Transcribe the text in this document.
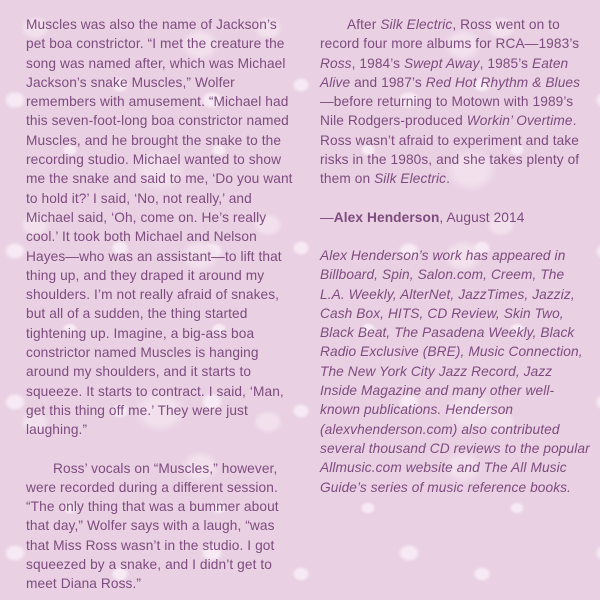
Muscles was also the name of Jackson’s pet boa constrictor. “I met the creature the song was named after, which was Michael Jackson’s snake Muscles,” Wolfer remembers with amusement. “Michael had this seven-foot-long boa constrictor named Muscles, and he brought the snake to the recording studio. Michael wanted to show me the snake and said to me, ‘Do you want to hold it?’ I said, ‘No, not really,’ and Michael said, ‘Oh, come on. He’s really cool.’ It took both Michael and Nelson Hayes—who was an assistant—to lift that thing up, and they draped it around my shoulders. I’m not really afraid of snakes, but all of a sudden, the thing started tightening up. Imagine, a big-ass boa constrictor named Muscles is hanging around my shoulders, and it starts to squeeze. It starts to contract. I said, ‘Man, get this thing off me.’ They were just laughing.”

Ross’ vocals on “Muscles,” however, were recorded during a different session. “The only thing that was a bummer about that day,” Wolfer says with a laugh, “was that Miss Ross wasn’t in the studio. I got squeezed by a snake, and I didn’t get to meet Diana Ross.”

After Silk Electric, Ross went on to record four more albums for RCA—1983’s Ross, 1984’s Swept Away, 1985’s Eaten Alive and 1987’s Red Hot Rhythm & Blues—before returning to Motown with 1989’s Nile Rodgers-produced Workin’ Overtime. Ross wasn’t afraid to experiment and take risks in the 1980s, and she takes plenty of them on Silk Electric.

—Alex Henderson, August 2014

Alex Henderson’s work has appeared in Billboard, Spin, Salon.com, Creem, The L.A. Weekly, AlterNet, JazzTimes, Jazziz, Cash Box, HITS, CD Review, Skin Two, Black Beat, The Pasadena Weekly, Black Radio Exclusive (BRE), Music Connection, The New York City Jazz Record, Jazz Inside Magazine and many other well-known publications. Henderson (alexvhenderson.com) also contributed several thousand CD reviews to the popular Allmusic.com website and The All Music Guide’s series of music reference books.
